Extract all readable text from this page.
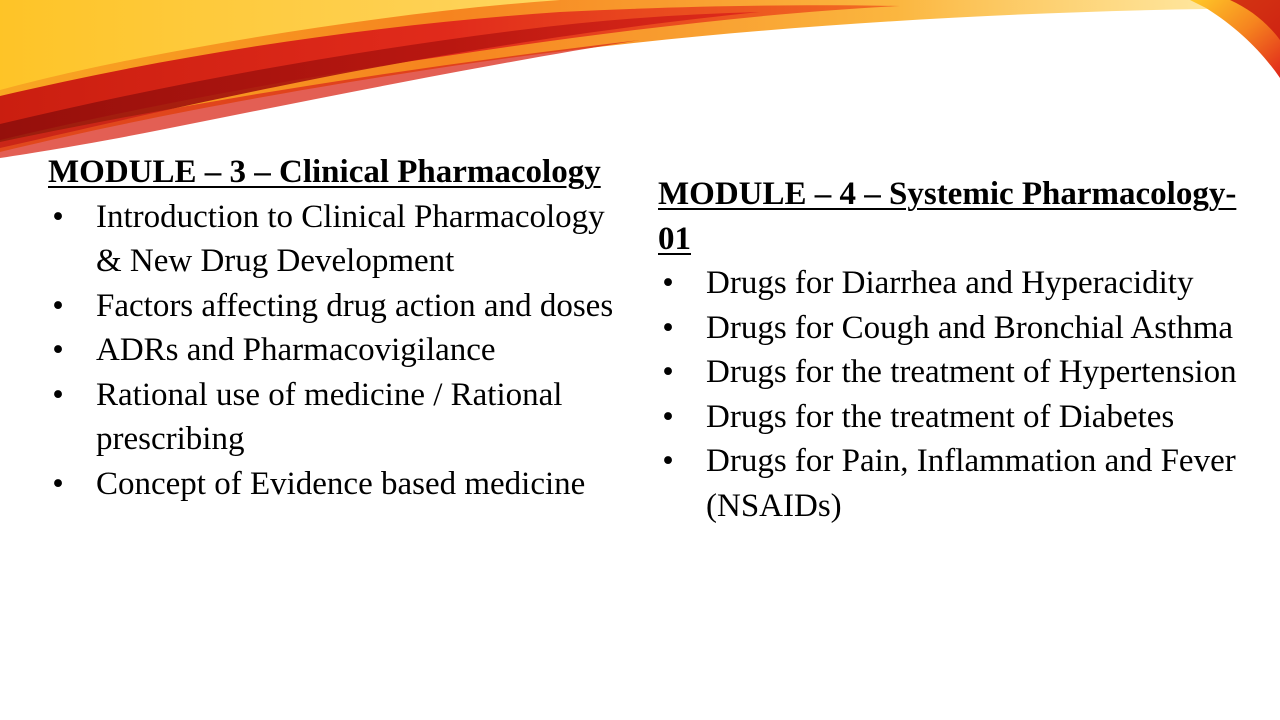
MODULE – 3 – Clinical Pharmacology
• Introduction to Clinical Pharmacology & New Drug Development
• Factors affecting drug action and doses
• ADRs and Pharmacovigilance
• Rational use of medicine / Rational prescribing
• Concept of Evidence based medicine
MODULE – 4 – Systemic Pharmacology- 01
• Drugs for Diarrhea and Hyperacidity
• Drugs for Cough and Bronchial Asthma
• Drugs for the treatment of Hypertension
• Drugs for the treatment of Diabetes
• Drugs for Pain, Inflammation and Fever (NSAIDs)
